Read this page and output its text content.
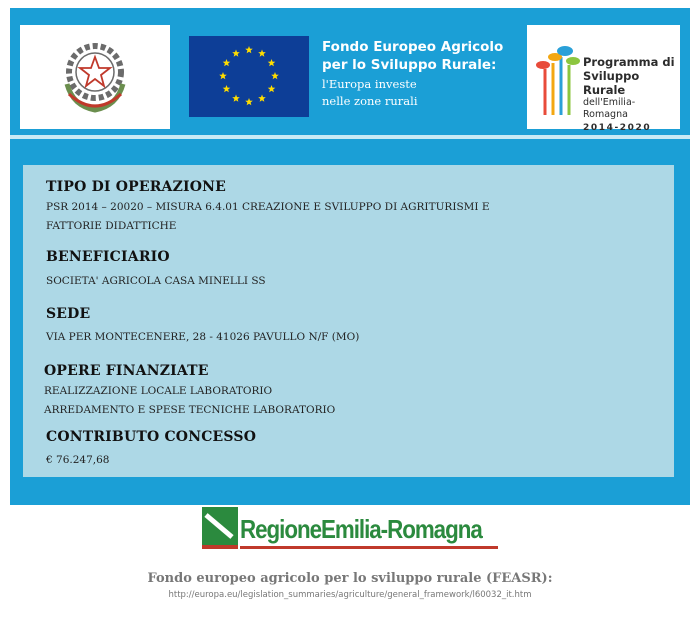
Fondo Europeo Agricolo
per lo Sviluppo Rurale:
l'Europa investe
nelle zone rurali
Programma di
Sviluppo Rurale
dell'Emilia-Romagna
2014-2020
TIPO DI OPERAZIONE
PSR 2014 – 20020 – MISURA 6.4.01 CREAZIONE E SVILUPPO DI AGRITURISMI E
FATTORIE DIDATTICHE
BENEFICIARIO
SOCIETA' AGRICOLA CASA MINELLI SS
SEDE
VIA PER MONTECENERE, 28 - 41026 PAVULLO N/F (MO)
OPERE FINANZIATE
REALIZZAZIONE LOCALE LABORATORIO
ARREDAMENTO E SPESE TECNICHE LABORATORIO
CONTRIBUTO CONCESSO
€ 76.247,68
RegioneEmilia-Romagna
Fondo europeo agricolo per lo sviluppo rurale (FEASR):
http://europa.eu/legislation_summaries/agriculture/general_framework/l60032_it.htm
